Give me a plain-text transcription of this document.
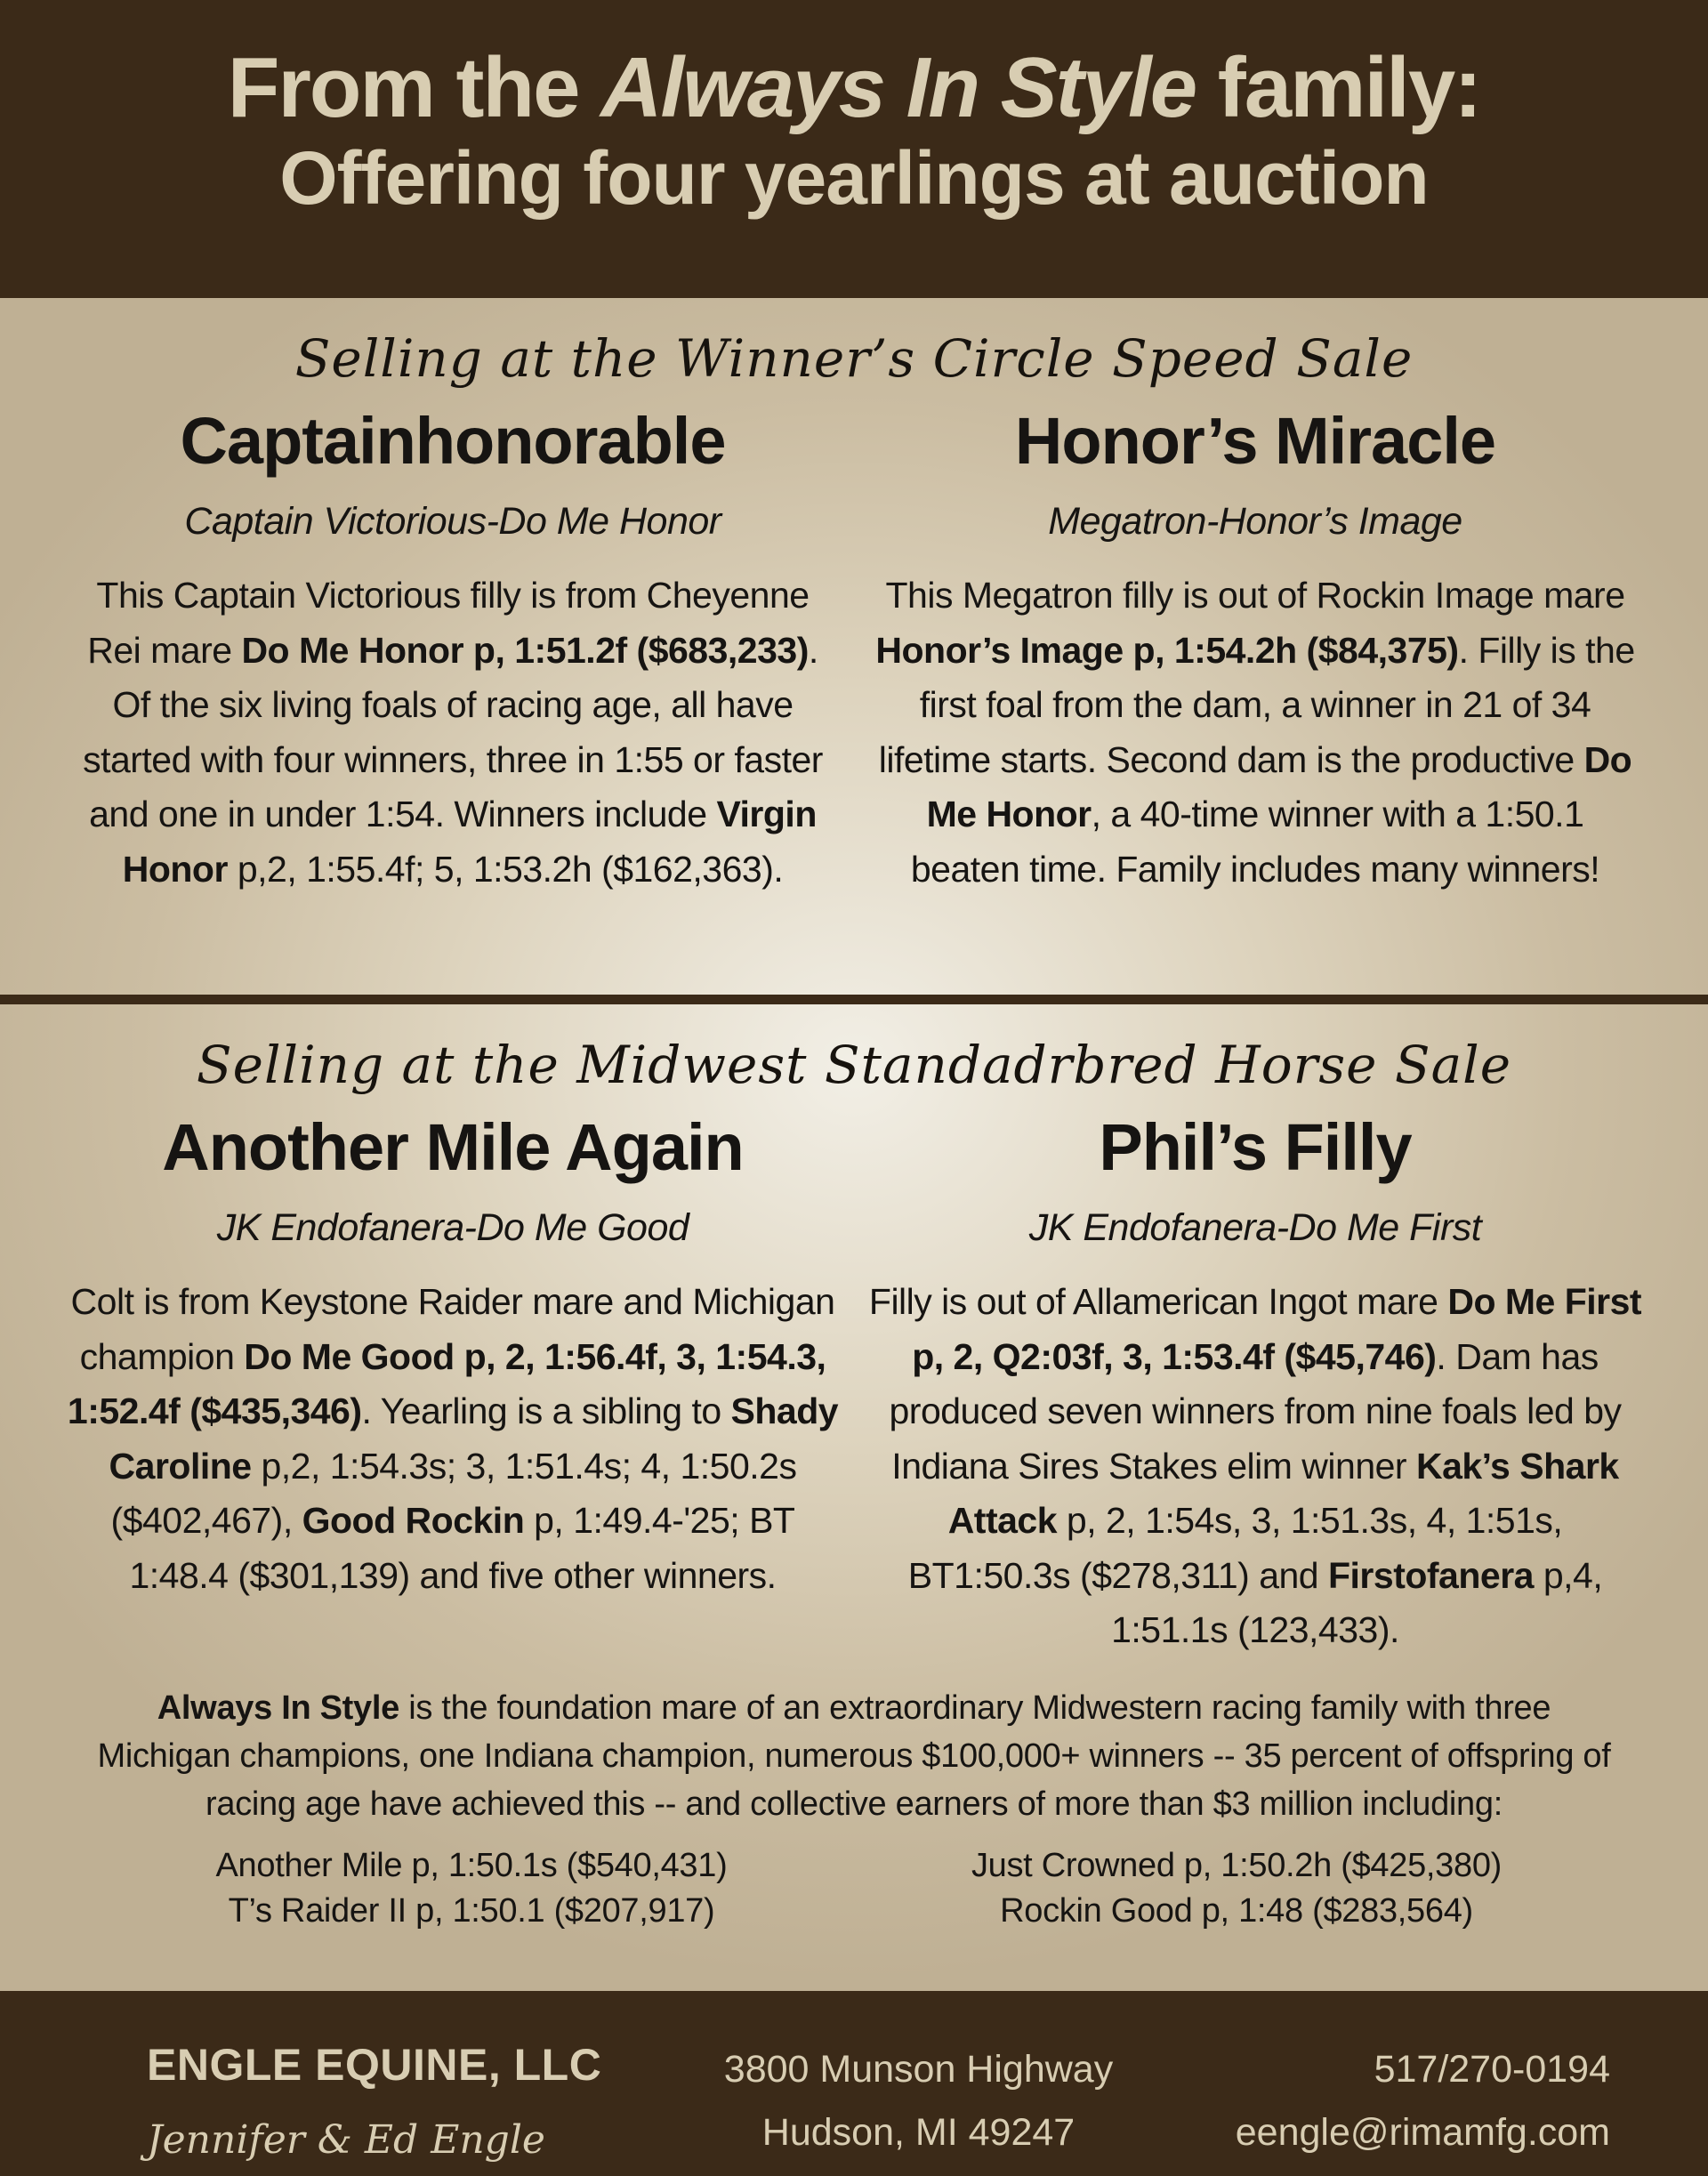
From the Always In Style family:
Offering four yearlings at auction
Selling at the Winner’s Circle Speed Sale
Captainhonorable
Captain Victorious-Do Me Honor
This Captain Victorious filly is from Cheyenne Rei mare Do Me Honor p, 1:51.2f ($683,233). Of the six living foals of racing age, all have started with four winners, three in 1:55 or faster and one in under 1:54. Winners include Virgin Honor p,2, 1:55.4f; 5, 1:53.2h ($162,363).
Honor’s Miracle
Megatron-Honor’s Image
This Megatron filly is out of Rockin Image mare Honor’s Image p, 1:54.2h ($84,375). Filly is the first foal from the dam, a winner in 21 of 34 lifetime starts. Second dam is the productive Do Me Honor, a 40-time winner with a 1:50.1 beaten time. Family includes many winners!
Selling at the Midwest Standadrbred Horse Sale
Another Mile Again
JK Endofanera-Do Me Good
Colt is from Keystone Raider mare and Michigan champion Do Me Good p, 2, 1:56.4f, 3, 1:54.3, 1:52.4f ($435,346). Yearling is a sibling to Shady Caroline p,2, 1:54.3s; 3, 1:51.4s; 4, 1:50.2s ($402,467), Good Rockin p, 1:49.4-'25; BT 1:48.4 ($301,139) and five other winners.
Phil’s Filly
JK Endofanera-Do Me First
Filly is out of Allamerican Ingot mare Do Me First p, 2, Q2:03f, 3, 1:53.4f ($45,746). Dam has produced seven winners from nine foals led by Indiana Sires Stakes elim winner Kak’s Shark Attack p, 2, 1:54s, 3, 1:51.3s, 4, 1:51s, BT1:50.3s ($278,311) and Firstofanera p,4, 1:51.1s (123,433).
Always In Style is the foundation mare of an extraordinary Midwestern racing family with three Michigan champions, one Indiana champion, numerous $100,000+ winners -- 35 percent of offspring of racing age have achieved this -- and collective earners of more than $3 million including:
Another Mile p, 1:50.1s ($540,431)
T’s Raider II p, 1:50.1 ($207,917)
Just Crowned p, 1:50.2h ($425,380)
Rockin Good p, 1:48 ($283,564)
ENGLE EQUINE, LLC
Jennifer & Ed Engle
3800 Munson Highway
Hudson, MI 49247
517/270-0194
eengle@rimamfg.com
